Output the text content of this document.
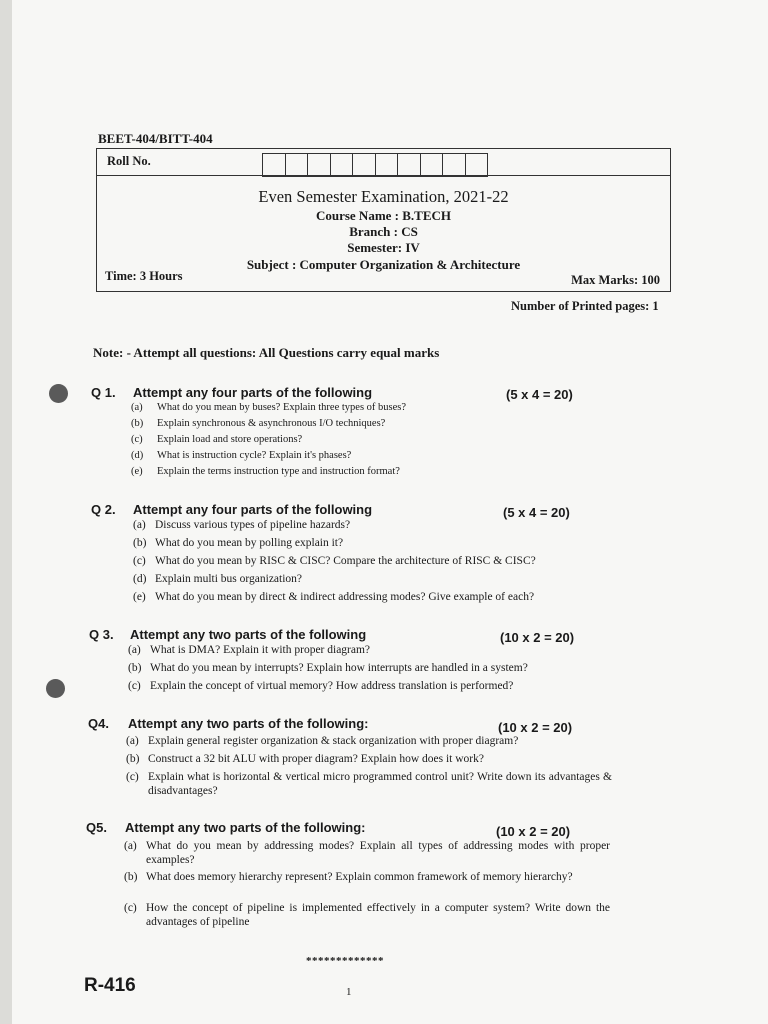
BEET-404/BITT-404
Roll No.
Even Semester Examination, 2021-22
Course Name : B.TECH
Branch : CS
Semester: IV
Subject : Computer Organization & Architecture
Time: 3 Hours	Max Marks: 100
Number of Printed pages: 1
Note: - Attempt all questions: All Questions carry equal marks
Q 1. Attempt any four parts of the following	(5 x 4 = 20)
(a)	What do you mean by buses? Explain three types of buses?
(b)	Explain synchronous & asynchronous I/O techniques?
(c)	Explain load and store operations?
(d)	What is instruction cycle? Explain it's phases?
(e)	Explain the terms instruction type and instruction format?
Q 2. Attempt any four parts of the following	(5 x 4 = 20)
(a) Discuss various types of pipeline hazards?
(b) What do you mean by polling explain it?
(c) What do you mean by RISC & CISC? Compare the architecture of RISC & CISC?
(d) Explain multi bus organization?
(e) What do you mean by direct & indirect addressing modes? Give example of each?
Q 3. Attempt any two parts of the following	(10 x 2 = 20)
(a) What is DMA? Explain it with proper diagram?
(b) What do you mean by interrupts? Explain how interrupts are handled in a system?
(c) Explain the concept of virtual memory? How address translation is performed?
Q4. Attempt any two parts of the following:	(10 x 2 = 20)
(a) Explain general register organization & stack organization with proper diagram?
(b) Construct a 32 bit ALU with proper diagram? Explain how does it work?
(c) Explain what is horizontal & vertical micro programmed control unit? Write down its advantages & disadvantages?
Q5. Attempt any two parts of the following:	(10 x 2 = 20)
(a) What do you mean by addressing modes? Explain all types of addressing modes with proper examples?
(b) What does memory hierarchy represent? Explain common framework of memory hierarchy?
(c) How the concept of pipeline is implemented effectively in a computer system? Write down the advantages of pipeline
*************
R-416	1
